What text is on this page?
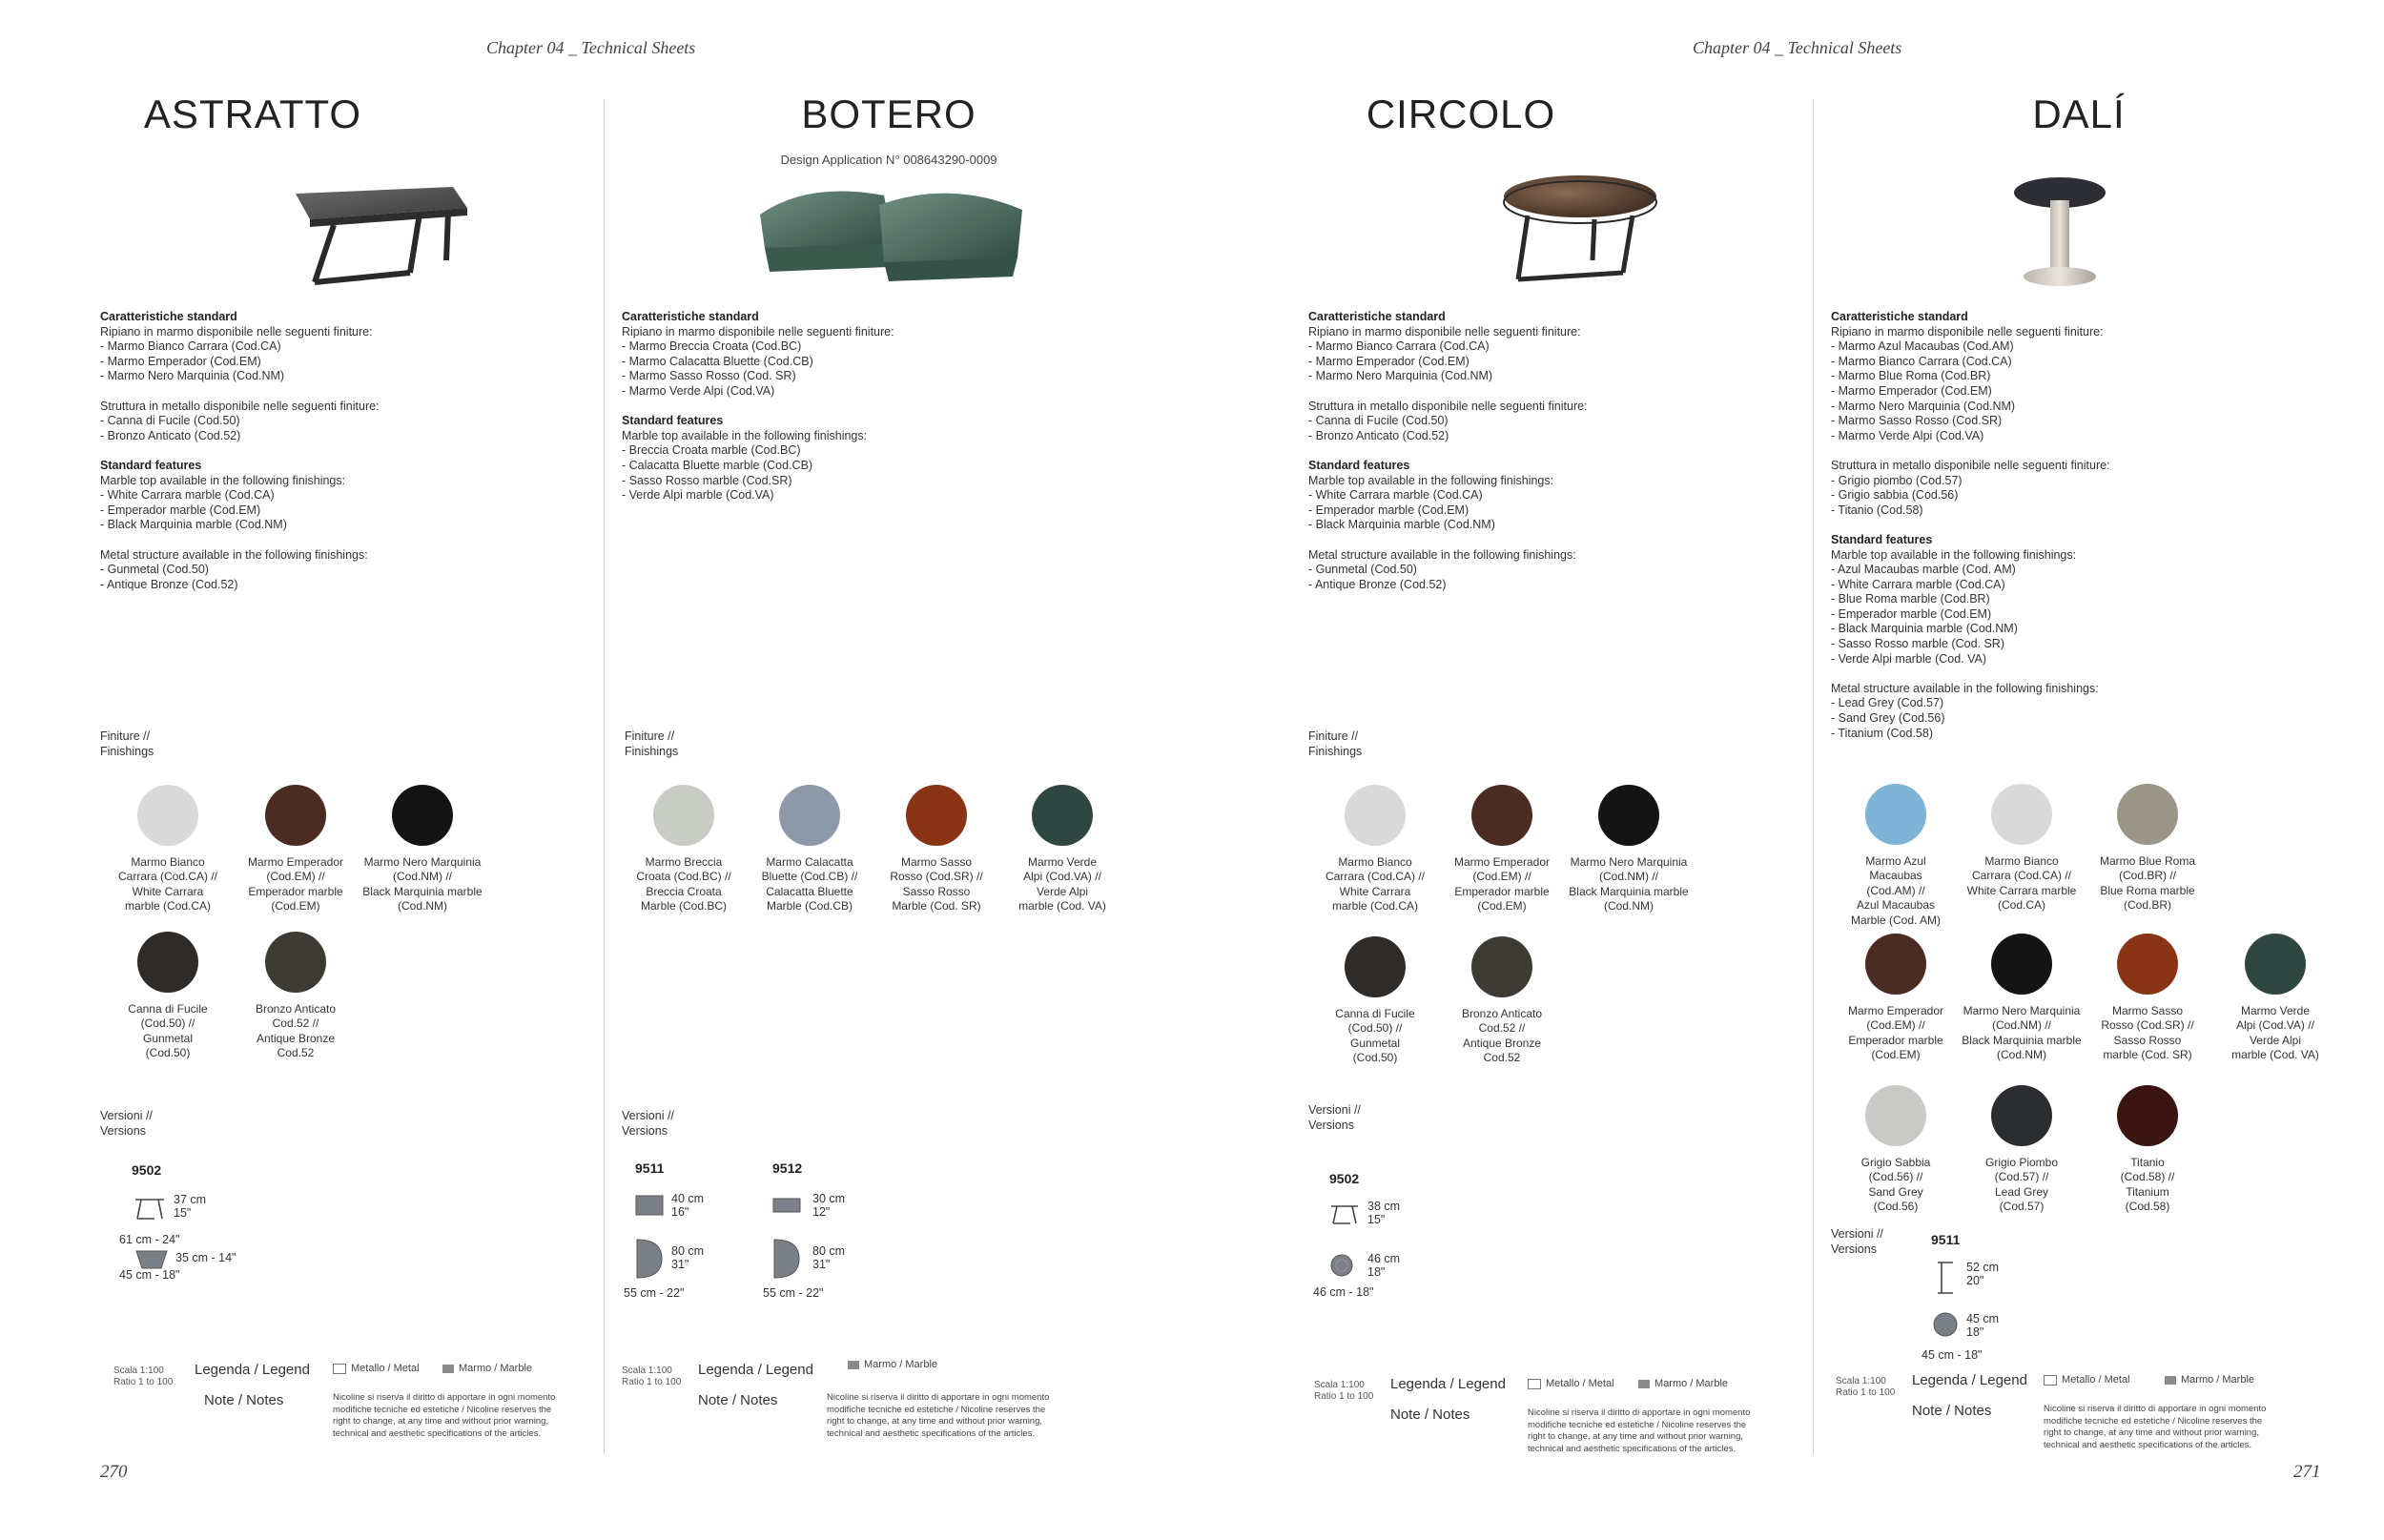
Chapter 04 _ Technical Sheets	Chapter 04 _ Technical Sheets
270	271
ASTRATTO
Caratteristiche standard
Ripiano in marmo disponibile nelle seguenti finiture:
- Marmo Bianco Carrara (Cod.CA)
- Marmo Emperador (Cod.EM)
- Marmo Nero Marquinia (Cod.NM)
Struttura in metallo disponibile nelle seguenti finiture:
- Canna di Fucile (Cod.50)
- Bronzo Anticato (Cod.52)
Standard features
Marble top available in the following finishings:
- White Carrara marble (Cod.CA)
- Emperador marble (Cod.EM)
- Black Marquinia marble (Cod.NM)
Metal structure available in the following finishings:
- Gunmetal (Cod.50)
- Antique Bronze (Cod.52)
Finiture //
Finishings
Marmo Bianco
Carrara (Cod.CA) //
White Carrara
marble (Cod.CA)
Marmo Emperador
(Cod.EM) //
Emperador marble
(Cod.EM)
Marmo Nero Marquinia
(Cod.NM) //
Black Marquinia marble
(Cod.NM)
Canna di Fucile
(Cod.50) //
Gunmetal
(Cod.50)
Bronzo Anticato
Cod.52 //
Antique Bronze
Cod.52
Versioni //
Versions
9502
37 cm
15"
61 cm - 24"
35 cm - 14"
45 cm - 18"
Scala 1:100
Ratio 1 to 100
Legenda / Legend	Metallo / Metal	Marmo / Marble
Note / Notes	Nicoline si riserva il diritto di apportare in ogni momento
modifiche tecniche ed estetiche / Nicoline reserves the
right to change, at any time and without prior warning,
technical and aesthetic specifications of the articles.
BOTERO
Design Application N° 008643290-0009
Caratteristiche standard
Ripiano in marmo disponibile nelle seguenti finiture:
- Marmo Breccia Croata (Cod.BC)
- Marmo Calacatta Bluette (Cod.CB)
- Marmo Sasso Rosso (Cod. SR)
- Marmo Verde Alpi (Cod.VA)
Standard features
Marble top available in the following finishings:
- Breccia Croata marble (Cod.BC)
- Calacatta Bluette marble (Cod.CB)
- Sasso Rosso marble (Cod.SR)
- Verde Alpi marble (Cod.VA)
Finiture //
Finishings
Marmo Breccia
Croata (Cod.BC) //
Breccia Croata
Marble (Cod.BC)
Marmo Calacatta
Bluette (Cod.CB) //
Calacatta Bluette
Marble (Cod.CB)
Marmo Sasso
Rosso (Cod.SR) //
Sasso Rosso
Marble (Cod. SR)
Marmo Verde
Alpi (Cod.VA) //
Verde Alpi
marble (Cod. VA)
Versioni //
Versions
9511
40 cm
16"
80 cm
31"
55 cm - 22"
9512
30 cm
12"
80 cm
31"
55 cm - 22"
Scala 1:100
Ratio 1 to 100
Legenda / Legend	Marmo / Marble
Note / Notes	Nicoline si riserva il diritto di apportare in ogni momento
modifiche tecniche ed estetiche / Nicoline reserves the
right to change, at any time and without prior warning,
technical and aesthetic specifications of the articles.
CIRCOLO
Caratteristiche standard
Ripiano in marmo disponibile nelle seguenti finiture:
- Marmo Bianco Carrara (Cod.CA)
- Marmo Emperador (Cod.EM)
- Marmo Nero Marquinia (Cod.NM)
Struttura in metallo disponibile nelle seguenti finiture:
- Canna di Fucile (Cod.50)
- Bronzo Anticato (Cod.52)
Standard features
Marble top available in the following finishings:
- White Carrara marble (Cod.CA)
- Emperador marble (Cod.EM)
- Black Marquinia marble (Cod.NM)
Metal structure available in the following finishings:
- Gunmetal (Cod.50)
- Antique Bronze (Cod.52)
Finiture //
Finishings
Marmo Bianco
Carrara (Cod.CA) //
White Carrara
marble (Cod.CA)
Marmo Emperador
(Cod.EM) //
Emperador marble
(Cod.EM)
Marmo Nero Marquinia
(Cod.NM) //
Black Marquinia marble
(Cod.NM)
Canna di Fucile
(Cod.50) //
Gunmetal
(Cod.50)
Bronzo Anticato
Cod.52 //
Antique Bronze
Cod.52
Versioni //
Versions
9502
38 cm
15"
46 cm
18"
46 cm - 18"
Scala 1:100
Ratio 1 to 100
Legenda / Legend	Metallo / Metal	Marmo / Marble
Note / Notes	Nicoline si riserva il diritto di apportare in ogni momento
modifiche tecniche ed estetiche / Nicoline reserves the
right to change, at any time and without prior warning,
technical and aesthetic specifications of the articles.
DALÍ
Caratteristiche standard
Ripiano in marmo disponibile nelle seguenti finiture:
- Marmo Azul Macaubas (Cod.AM)
- Marmo Bianco Carrara (Cod.CA)
- Marmo Blue Roma (Cod.BR)
- Marmo Emperador (Cod.EM)
- Marmo Nero Marquinia (Cod.NM)
- Marmo Sasso Rosso (Cod.SR)
- Marmo Verde Alpi (Cod.VA)
Struttura in metallo disponibile nelle seguenti finiture:
- Grigio piombo (Cod.57)
- Grigio sabbia (Cod.56)
- Titanio (Cod.58)
Standard features
Marble top available in the following finishings:
- Azul Macaubas marble (Cod. AM)
- White Carrara marble (Cod.CA)
- Blue Roma marble (Cod.BR)
- Emperador marble (Cod.EM)
- Black Marquinia marble (Cod.NM)
- Sasso Rosso marble (Cod. SR)
- Verde Alpi marble (Cod. VA)
Metal structure available in the following finishings:
- Lead Grey (Cod.57)
- Sand Grey (Cod.56)
- Titanium (Cod.58)
Marmo Azul
Macaubas
(Cod.AM) //
Azul Macaubas
Marble (Cod. AM)
Marmo Bianco
Carrara (Cod.CA) //
White Carrara marble
(Cod.CA)
Marmo Blue Roma
(Cod.BR) //
Blue Roma marble
(Cod.BR)
Marmo Emperador
(Cod.EM) //
Emperador marble
(Cod.EM)
Marmo Nero Marquinia
(Cod.NM) //
Black Marquinia marble
(Cod.NM)
Marmo Sasso
Rosso (Cod.SR) //
Sasso Rosso
marble (Cod. SR)
Marmo Verde
Alpi (Cod.VA) //
Verde Alpi
marble (Cod. VA)
Grigio Sabbia
(Cod.56) //
Sand Grey
(Cod.56)
Grigio Piombo
(Cod.57) //
Lead Grey
(Cod.57)
Titanio
(Cod.58) //
Titanium
(Cod.58)
Versioni //
Versions
9511
52 cm
20"
45 cm
18"
45 cm - 18"
Scala 1:100
Ratio 1 to 100
Legenda / Legend	Metallo / Metal	Marmo / Marble
Note / Notes	Nicoline si riserva il diritto di apportare in ogni momento
modifiche tecniche ed estetiche / Nicoline reserves the
right to change, at any time and without prior warning,
technical and aesthetic specifications of the articles.
